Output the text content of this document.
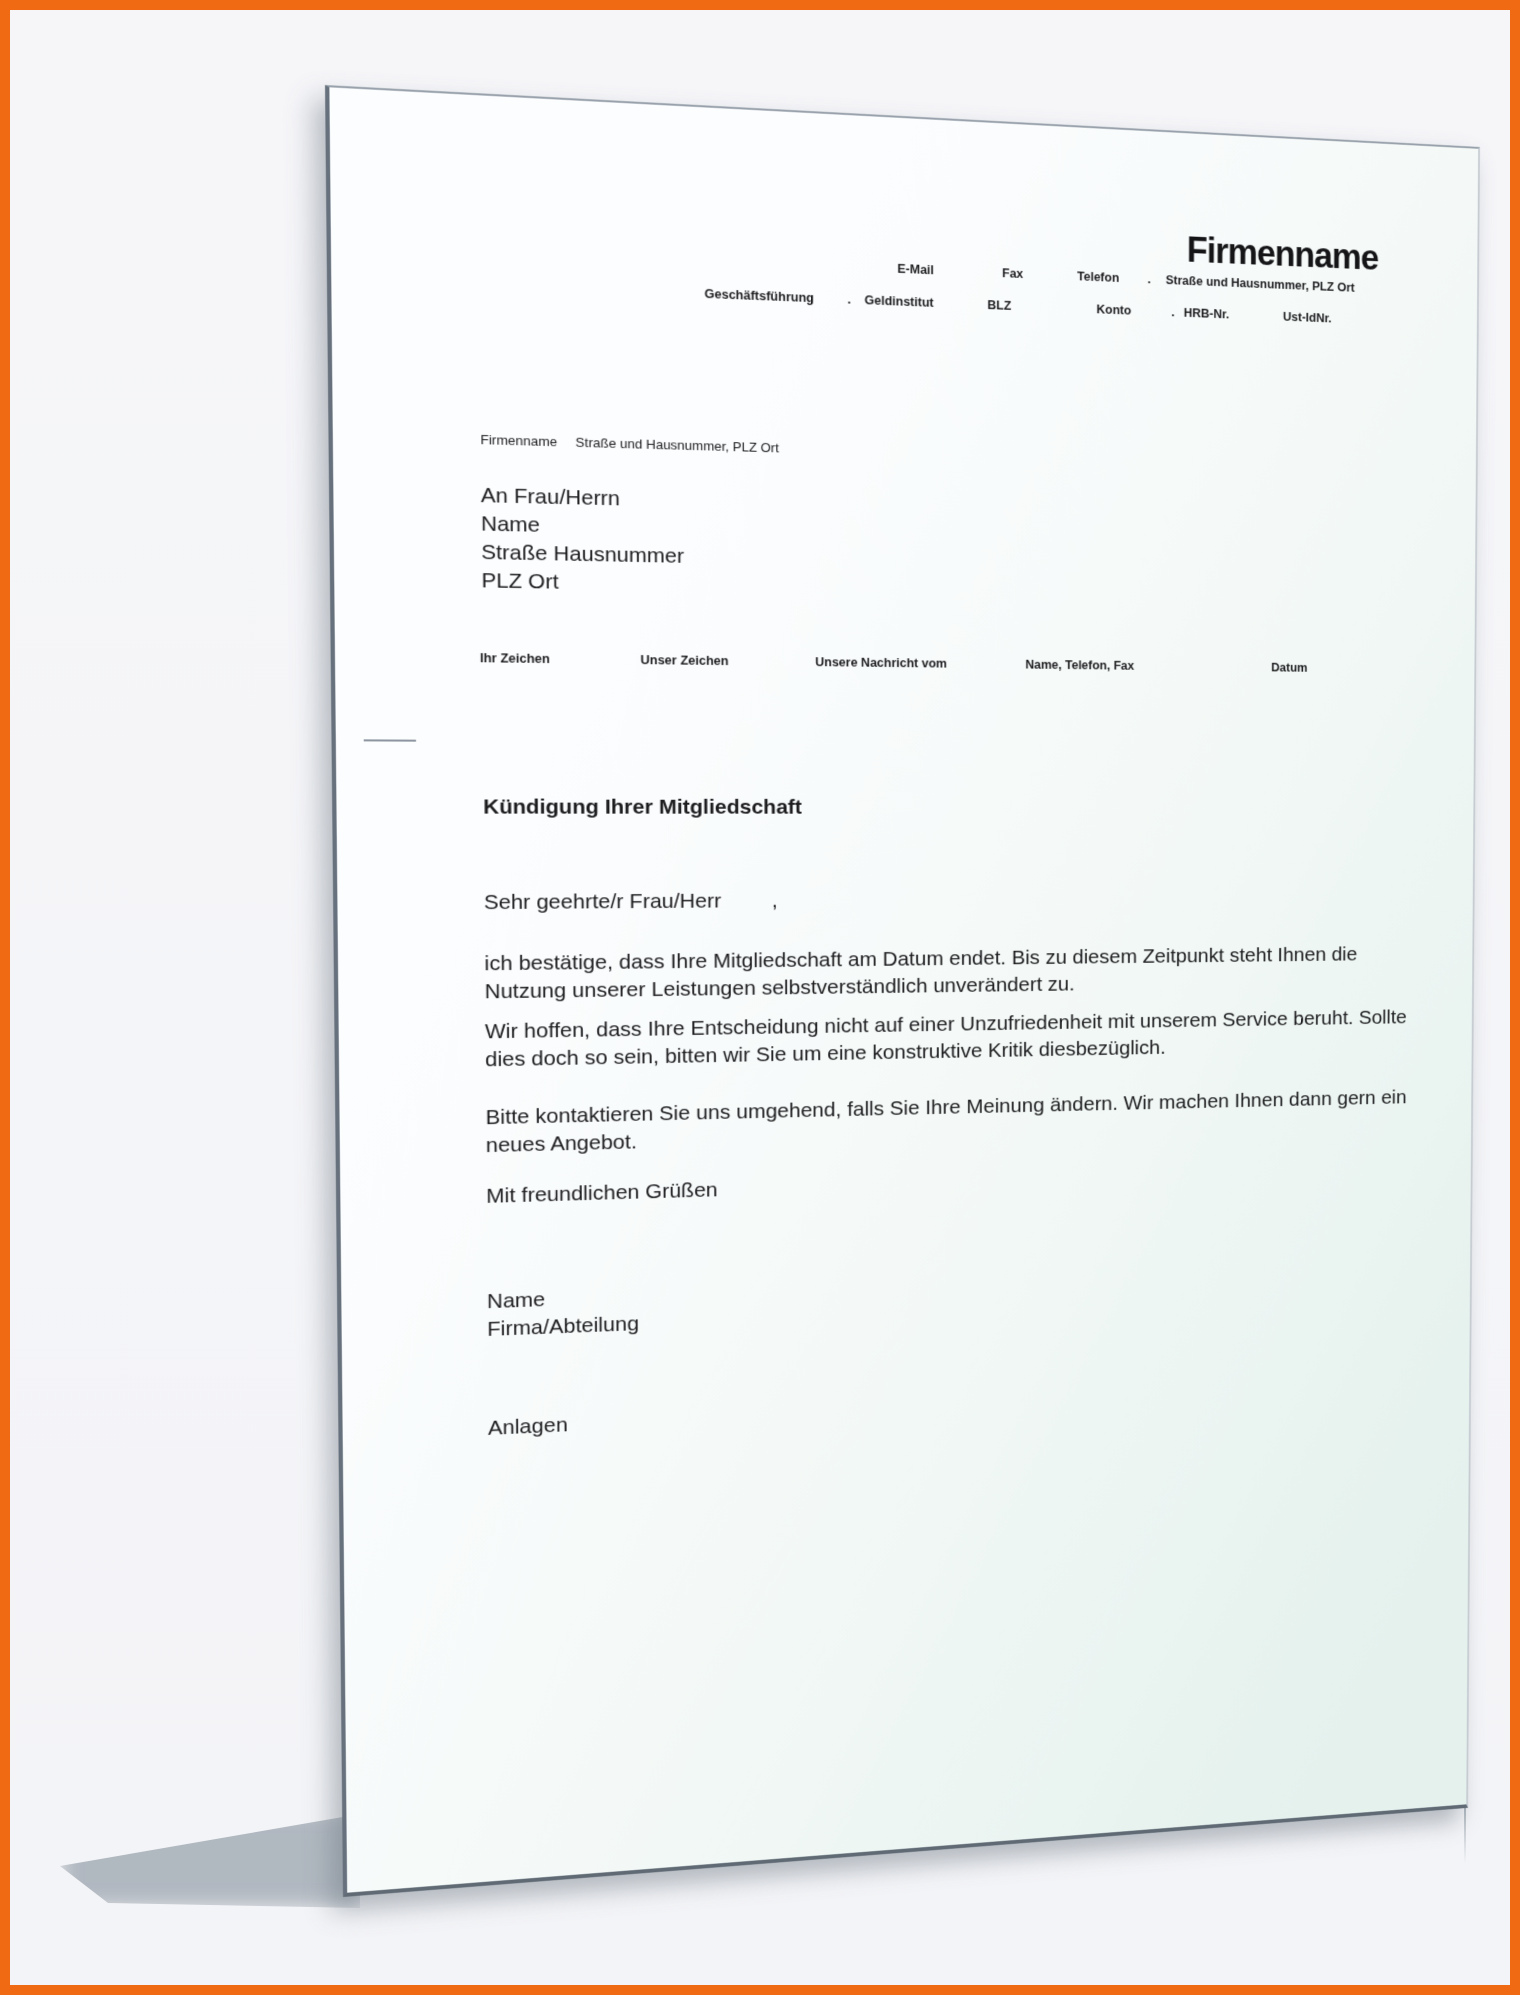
Firmenname
E-Mail	Fax	Telefon . Straße und Hausnummer, PLZ Ort
Geschäftsführung	. Geldinstitut	BLZ	Konto	. HRB-Nr.	Ust-IdNr.
Firmenname Straße und Hausnummer, PLZ Ort
An Frau/Herrn
Name
Straße Hausnummer
PLZ Ort
Ihr Zeichen	Unser Zeichen	Unsere Nachricht vom	Name, Telefon, Fax	Datum
Kündigung Ihrer Mitgliedschaft
Sehr geehrte/r Frau/Herr ,
ich bestätige, dass Ihre Mitgliedschaft am Datum endet. Bis zu diesem Zeitpunkt steht Ihnen die Nutzung unserer Leistungen selbstverständlich unverändert zu.
Wir hoffen, dass Ihre Entscheidung nicht auf einer Unzufriedenheit mit unserem Service beruht. Sollte dies doch so sein, bitten wir Sie um eine konstruktive Kritik diesbezüglich.
Bitte kontaktieren Sie uns umgehend, falls Sie Ihre Meinung ändern. Wir machen Ihnen dann gern ein neues Angebot.
Mit freundlichen Grüßen
Name
Firma/Abteilung
Anlagen
